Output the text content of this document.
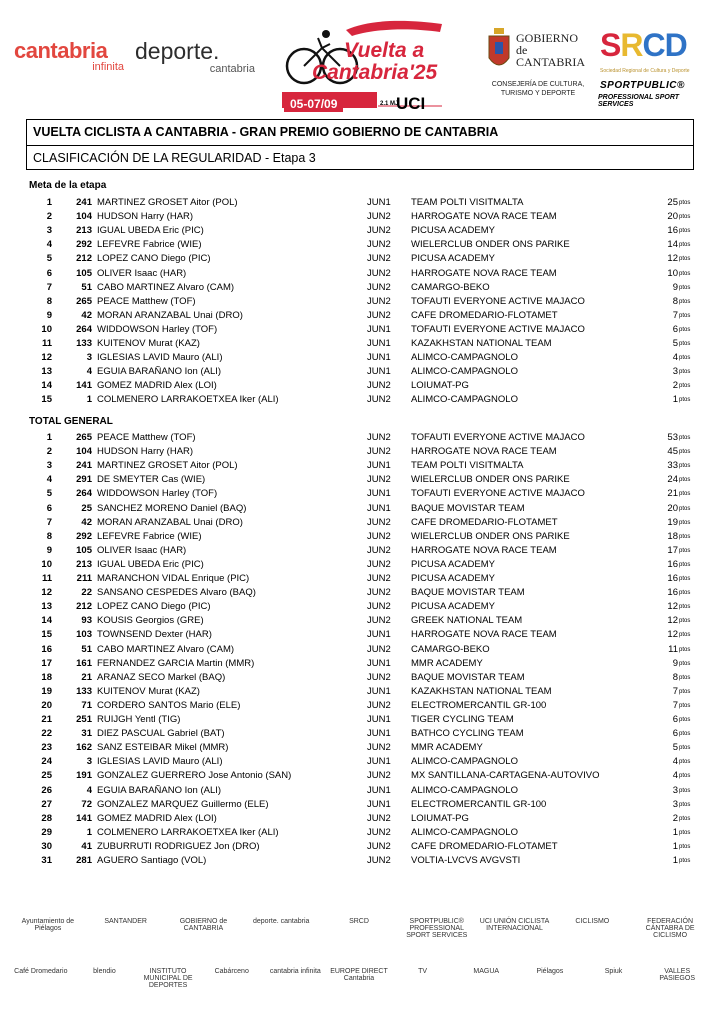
cantabria
infinita
deporte.
cantabria
Vuelta a
Cantabria'25
05-07/09	2.1 MJ
UCI
GOBIERNO de CANTABRIA
CONSEJERÍA DE CULTURA, TURISMO Y DEPORTE
SRCD
Sociedad Regional de Cultura y Deporte
SPORTPUBLIC®
PROFESSIONAL SPORT SERVICES
VUELTA CICLISTA A CANTABRIA - GRAN PREMIO GOBIERNO DE CANTABRIA
CLASIFICACIÓN DE LA REGULARIDAD - Etapa 3
Meta de la etapa
1	241 MARTINEZ GROSET Aitor (POL)	JUN1 TEAM POLTI VISITMALTA	25 ptos
2	104 HUDSON Harry (HAR)	JUN2 HARROGATE NOVA RACE TEAM	20 ptos
3	213 IGUAL UBEDA Eric (PIC)	JUN2 PICUSA ACADEMY	16 ptos
4	292 LEFEVRE Fabrice (WIE)	JUN2 WIELERCLUB ONDER ONS PARIKE	14 ptos
5	212 LOPEZ CANO Diego (PIC)	JUN2 PICUSA ACADEMY	12 ptos
6	105 OLIVER Isaac (HAR)	JUN2 HARROGATE NOVA RACE TEAM	10 ptos
7	51 CABO MARTINEZ Alvaro (CAM)	JUN2 CAMARGO-BEKO	9 ptos
8	265 PEACE Matthew (TOF)	JUN2 TOFAUTI EVERYONE ACTIVE MAJACO	8 ptos
9	42 MORAN ARANZABAL Unai (DRO)	JUN2 CAFE DROMEDARIO-FLOTAMET	7 ptos
10	264 WIDDOWSON Harley (TOF)	JUN1 TOFAUTI EVERYONE ACTIVE MAJACO	6 ptos
11	133 KUITENOV Murat (KAZ)	JUN1 KAZAKHSTAN NATIONAL TEAM	5 ptos
12	3 IGLESIAS LAVID Mauro (ALI)	JUN1 ALIMCO-CAMPAGNOLO	4 ptos
13	4 EGUIA BARAÑANO Ion (ALI)	JUN1 ALIMCO-CAMPAGNOLO	3 ptos
14	141 GOMEZ MADRID Alex (LOI)	JUN2 LOIUMAT-PG	2 ptos
15	1 COLMENERO LARRAKOETXEA Iker (ALI)	JUN2 ALIMCO-CAMPAGNOLO	1 ptos
TOTAL GENERAL
1	265 PEACE Matthew (TOF)	JUN2 TOFAUTI EVERYONE ACTIVE MAJACO	53 ptos
2	104 HUDSON Harry (HAR)	JUN2 HARROGATE NOVA RACE TEAM	45 ptos
3	241 MARTINEZ GROSET Aitor (POL)	JUN1 TEAM POLTI VISITMALTA	33 ptos
4	291 DE SMEYTER Cas (WIE)	JUN2 WIELERCLUB ONDER ONS PARIKE	24 ptos
5	264 WIDDOWSON Harley (TOF)	JUN1 TOFAUTI EVERYONE ACTIVE MAJACO	21 ptos
6	25 SANCHEZ MORENO Daniel (BAQ)	JUN1 BAQUE MOVISTAR TEAM	20 ptos
7	42 MORAN ARANZABAL Unai (DRO)	JUN2 CAFE DROMEDARIO-FLOTAMET	19 ptos
8	292 LEFEVRE Fabrice (WIE)	JUN2 WIELERCLUB ONDER ONS PARIKE	18 ptos
9	105 OLIVER Isaac (HAR)	JUN2 HARROGATE NOVA RACE TEAM	17 ptos
10	213 IGUAL UBEDA Eric (PIC)	JUN2 PICUSA ACADEMY	16 ptos
11	211 MARANCHON VIDAL Enrique (PIC)	JUN2 PICUSA ACADEMY	16 ptos
12	22 SANSANO CESPEDES Alvaro (BAQ)	JUN2 BAQUE MOVISTAR TEAM	16 ptos
13	212 LOPEZ CANO Diego (PIC)	JUN2 PICUSA ACADEMY	12 ptos
14	93 KOUSIS Georgios (GRE)	JUN2 GREEK NATIONAL TEAM	12 ptos
15	103 TOWNSEND Dexter (HAR)	JUN1 HARROGATE NOVA RACE TEAM	12 ptos
16	51 CABO MARTINEZ Alvaro (CAM)	JUN2 CAMARGO-BEKO	11 ptos
17	161 FERNANDEZ GARCIA Martin (MMR)	JUN1 MMR ACADEMY	9 ptos
18	21 ARANAZ SECO Markel (BAQ)	JUN2 BAQUE MOVISTAR TEAM	8 ptos
19	133 KUITENOV Murat (KAZ)	JUN1 KAZAKHSTAN NATIONAL TEAM	7 ptos
20	71 CORDERO SANTOS Mario (ELE)	JUN2 ELECTROMERCANTIL GR-100	7 ptos
21	251 RUIJGH Yentl (TIG)	JUN1 TIGER CYCLING TEAM	6 ptos
22	31 DIEZ PASCUAL Gabriel (BAT)	JUN1 BATHCO CYCLING TEAM	6 ptos
23	162 SANZ ESTEIBAR Mikel (MMR)	JUN2 MMR ACADEMY	5 ptos
24	3 IGLESIAS LAVID Mauro (ALI)	JUN1 ALIMCO-CAMPAGNOLO	4 ptos
25	191 GONZALEZ GUERRERO Jose Antonio (SAN)	JUN2 MX SANTILLANA-CARTAGENA-AUTOVIVO	4 ptos
26	4 EGUIA BARAÑANO Ion (ALI)	JUN1 ALIMCO-CAMPAGNOLO	3 ptos
27	72 GONZALEZ MARQUEZ Guillermo (ELE)	JUN1 ELECTROMERCANTIL GR-100	3 ptos
28	141 GOMEZ MADRID Alex (LOI)	JUN2 LOIUMAT-PG	2 ptos
29	1 COLMENERO LARRAKOETXEA Iker (ALI)	JUN2 ALIMCO-CAMPAGNOLO	1 ptos
30	41 ZUBURRUTI RODRIGUEZ Jon (DRO)	JUN2 CAFE DROMEDARIO-FLOTAMET	1 ptos
31	281 AGUERO Santiago (VOL)	JUN2 VOLTIA-LVCVS AVGVSTI	1 ptos
Ayuntamiento de Piélagos
SANTANDER	GOBIERNO de CANTABRIA
deporte. cantabria	SRCD	SPORTPUBLIC® PROFESSIONAL SPORT SERVICES
UCI UNIÓN CICLISTA INTERNACIONAL
CICLISMO	FEDERACIÓN CÁNTABRA DE CICLISMO
Café Dromedario	blendio	INSTITUTO MUNICIPAL DE DEPORTES
Cabárceno	cantabria infinita	EUROPE DIRECT Cantabria
TV	MAGUA	Piélagos	Spiuk	VALLES PASIEGOS
